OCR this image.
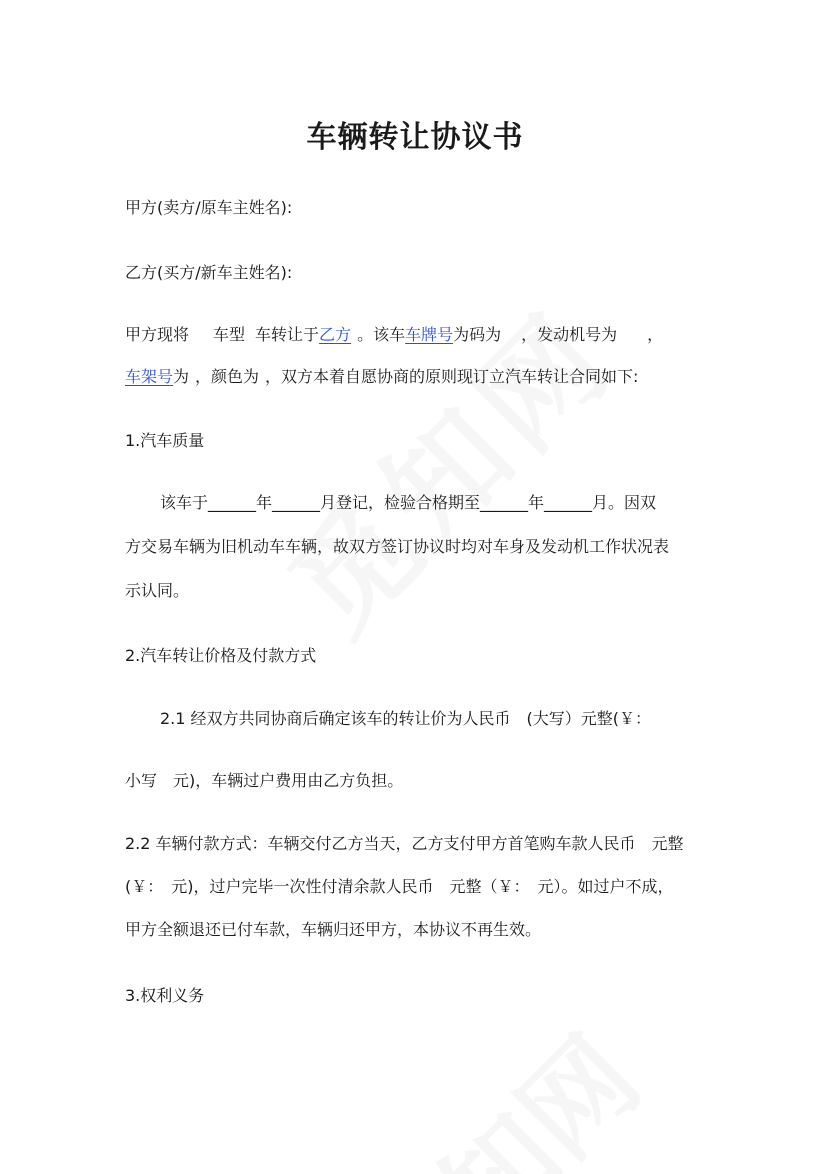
车辆转让协议书
甲方(卖方/原车主姓名):
乙方(买方/新车主姓名):
甲方现将 车型 车转让于乙方 。该车车牌号为码为 ，发动机号为 ，
车架号为 ，颜色为 ，双方本着自愿协商的原则现订立汽车转让合同如下:
1.汽车质量
该车于______年______月登记，检验合格期至______年______月。因双
方交易车辆为旧机动车车辆，故双方签订协议时均对车身及发动机工作状况表
示认同。
2.汽车转让价格及付款方式
2.1 经双方共同协商后确定该车的转让价为人民币　(大写）元整(￥：
小写　元)，车辆过户费用由乙方负担。
2.2 车辆付款方式：车辆交付乙方当天，乙方支付甲方首笔购车款人民币　元整
(￥：　元)，过户完毕一次性付清余款人民币　元整（￥：　元）。如过户不成，
甲方全额退还已付车款，车辆归还甲方，本协议不再生效。
3.权利义务
